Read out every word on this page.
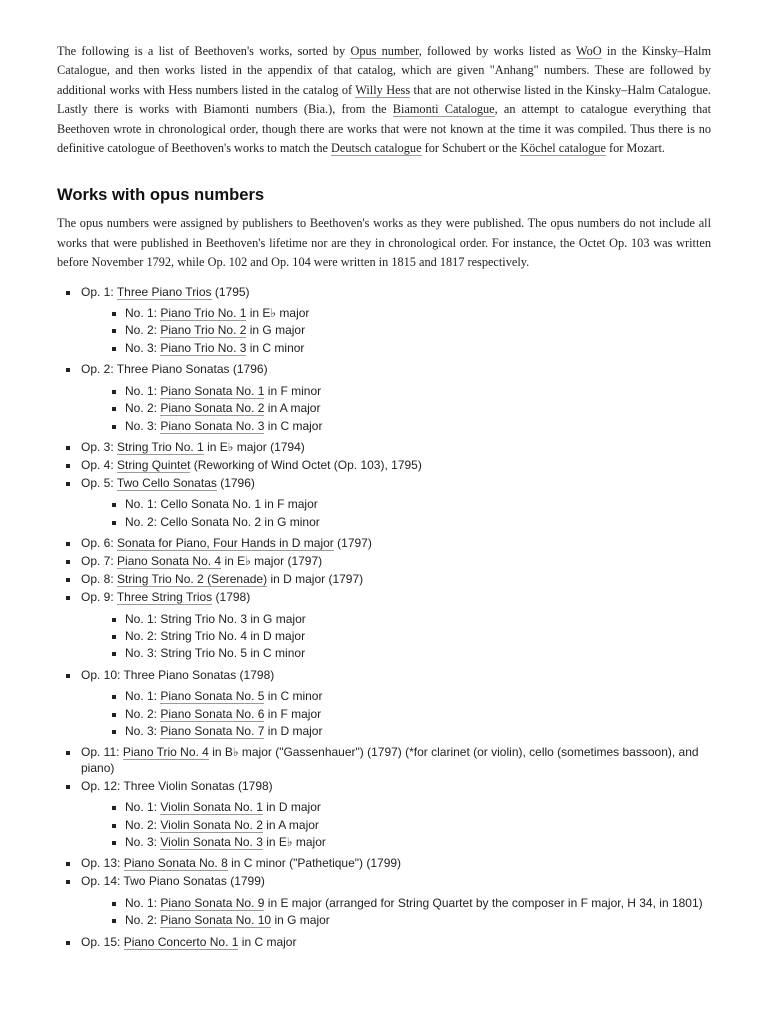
The following is a list of Beethoven's works, sorted by Opus number, followed by works listed as WoO in the Kinsky–Halm Catalogue, and then works listed in the appendix of that catalog, which are given "Anhang" numbers. These are followed by additional works with Hess numbers listed in the catalog of Willy Hess that are not otherwise listed in the Kinsky–Halm Catalogue. Lastly there is works with Biamonti numbers (Bia.), from the Biamonti Catalogue, an attempt to catalogue everything that Beethoven wrote in chronological order, though there are works that were not known at the time it was compiled. Thus there is no definitive catologue of Beethoven's works to match the Deutsch catalogue for Schubert or the Köchel catalogue for Mozart.

Works with opus numbers

The opus numbers were assigned by publishers to Beethoven's works as they were published. The opus numbers do not include all works that were published in Beethoven's lifetime nor are they in chronological order. For instance, the Octet Op. 103 was written before November 1792, while Op. 102 and Op. 104 were written in 1815 and 1817 respectively.

Op. 1: Three Piano Trios (1795)
No. 1: Piano Trio No. 1 in E♭ major
No. 2: Piano Trio No. 2 in G major
No. 3: Piano Trio No. 3 in C minor
Op. 2: Three Piano Sonatas (1796)
No. 1: Piano Sonata No. 1 in F minor
No. 2: Piano Sonata No. 2 in A major
No. 3: Piano Sonata No. 3 in C major
Op. 3: String Trio No. 1 in E♭ major (1794)
Op. 4: String Quintet (Reworking of Wind Octet (Op. 103), 1795)
Op. 5: Two Cello Sonatas (1796)
No. 1: Cello Sonata No. 1 in F major
No. 2: Cello Sonata No. 2 in G minor
Op. 6: Sonata for Piano, Four Hands in D major (1797)
Op. 7: Piano Sonata No. 4 in E♭ major (1797)
Op. 8: String Trio No. 2 (Serenade) in D major (1797)
Op. 9: Three String Trios (1798)
No. 1: String Trio No. 3 in G major
No. 2: String Trio No. 4 in D major
No. 3: String Trio No. 5 in C minor
Op. 10: Three Piano Sonatas (1798)
No. 1: Piano Sonata No. 5 in C minor
No. 2: Piano Sonata No. 6 in F major
No. 3: Piano Sonata No. 7 in D major
Op. 11: Piano Trio No. 4 in B♭ major ("Gassenhauer") (1797) (*for clarinet (or violin), cello (sometimes bassoon), and piano)
Op. 12: Three Violin Sonatas (1798)
No. 1: Violin Sonata No. 1 in D major
No. 2: Violin Sonata No. 2 in A major
No. 3: Violin Sonata No. 3 in E♭ major
Op. 13: Piano Sonata No. 8 in C minor ("Pathetique") (1799)
Op. 14: Two Piano Sonatas (1799)
No. 1: Piano Sonata No. 9 in E major (arranged for String Quartet by the composer in F major, H 34, in 1801)
No. 2: Piano Sonata No. 10 in G major
Op. 15: Piano Concerto No. 1 in C major
